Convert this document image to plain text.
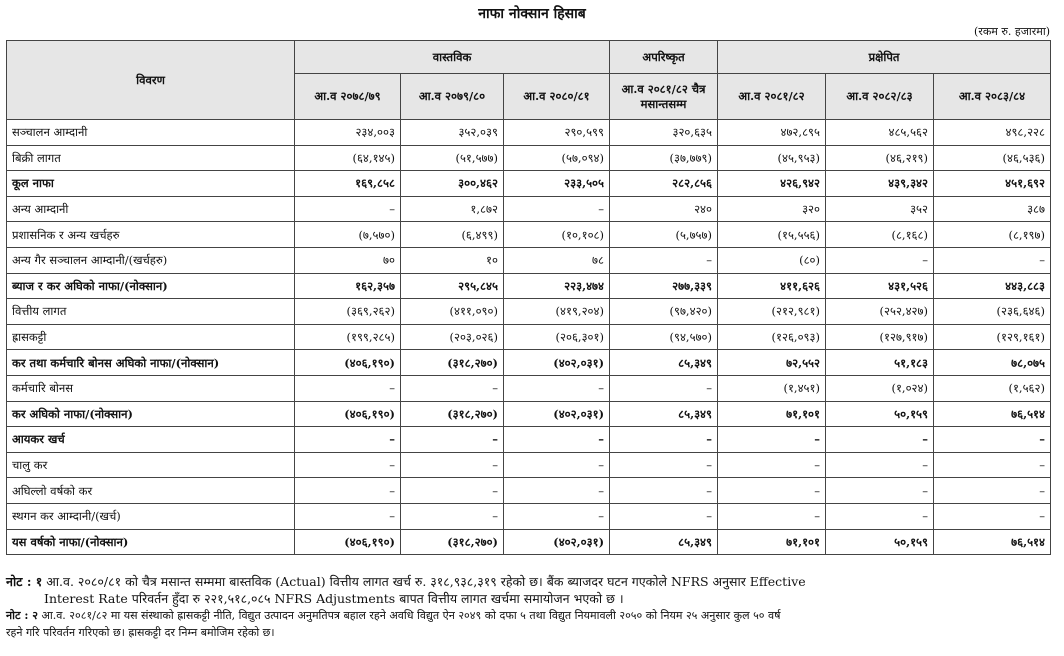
नाफा नोक्सान हिसाब
(रकम रु. हजारमा)
विवरण	वास्तविक			अपरिष्कृत	प्रक्षेपित		
	आ.व २०७८/७९	आ.व २०७९/८०	आ.व २०८०/८१	आ.व २०८१/८२ चैत्र मसान्तसम्म	आ.व २०८१/८२	आ.व २०८२/८३	आ.व २०८३/८४
सञ्चालन आम्दानी	२३४,००३	३५२,०३९	२९०,५९९	३२०,६३५	४७२,८९५	४८५,५६२	४९८,२२८
बिक्री लागत	(६४,१४५)	(५१,५७७)	(५७,०९४)	(३७,७७९)	(४५,९५३)	(४६,२१९)	(४६,५३६)
कूल नाफा	१६९,८५८	३००,४६२	२३३,५०५	२८२,८५६	४२६,९४२	४३९,३४२	४५१,६९२
अन्य आम्दानी	–	१,८७२	–	२४०	३२०	३५२	३८७
प्रशासनिक र अन्य खर्चहरु	(७,५७०)	(६,४९९)	(१०,१०८)	(५,७५७)	(१५,५५६)	(८,१६८)	(८,१९७)
अन्य गैर सञ्चालन आम्दानी/(खर्चहरु)	७०	१०	७८	–	(८०)	–	–
ब्याज र कर अघिको नाफा/(नोक्सान)	१६२,३५७	२९५,८४५	२२३,४७४	२७७,३३९	४११,६२६	४३१,५२६	४४३,८८३
वित्तीय लागत	(३६९,२६२)	(४११,०९०)	(४१९,२०४)	(९७,४२०)	(२१२,९८१)	(२५२,४२७)	(२३६,६४६)
ह्रासकट्टी	(१९९,२८५)	(२०३,०२६)	(२०६,३०१)	(९४,५७०)	(१२६,०९३)	(१२७,९१७)	(१२९,१६१)
कर तथा कर्मचारि बोनस अघिको नाफा/(नोक्सान)	(४०६,१९०)	(३१८,२७०)	(४०२,०३१)	८५,३४९	७२,५५२	५१,१८३	७८,०७५
कर्मचारि बोनस	–	–	–	–	(१,४५१)	(१,०२४)	(१,५६२)
कर अघिको नाफा/(नोक्सान)	(४०६,१९०)	(३१८,२७०)	(४०२,०३१)	८५,३४९	७१,१०१	५०,१५९	७६,५१४
आयकर खर्च	–	–	–	–	–	–	–
चालु कर	–	–	–	–	–	–	–
अघिल्लो वर्षको कर	–	–	–	–	–	–	–
स्थगन कर आम्दानी/(खर्च)	–	–	–	–	–	–	–
यस वर्षको नाफा/(नोक्सान)	(४०६,१९०)	(३१८,२७०)	(४०२,०३१)	८५,३४९	७१,१०१	५०,१५९	७६,५१४

नोट : १ आ.व. २०८०/८१ को चैत्र मसान्त सम्ममा बास्तविक (Actual) वित्तीय लागत खर्च रु. ३१८,९३८,३१९ रहेको छ। बैंक ब्याजदर घटन गएकोले NFRS अनुसार Effective
Interest Rate परिवर्तन हुँदा रु २२१,५१८,०८५ NFRS Adjustments बापत वित्तीय लागत खर्चमा समायोजन भएको छ ।

नोट : २ आ.व. २०८१/८२ मा यस संस्थाको ह्रासकट्टी नीति, विद्युत उत्पादन अनुमतिपत्र बहाल रहने अवधि विद्युत ऐन २०४९ को दफा ५ तथा विद्युत नियमावली २०५० को नियम २५ अनुसार कुल ५० वर्ष
रहने गरि परिवर्तन गरिएको छ। ह्रासकट्टी दर निम्न बमोजिम रहेको छ।
